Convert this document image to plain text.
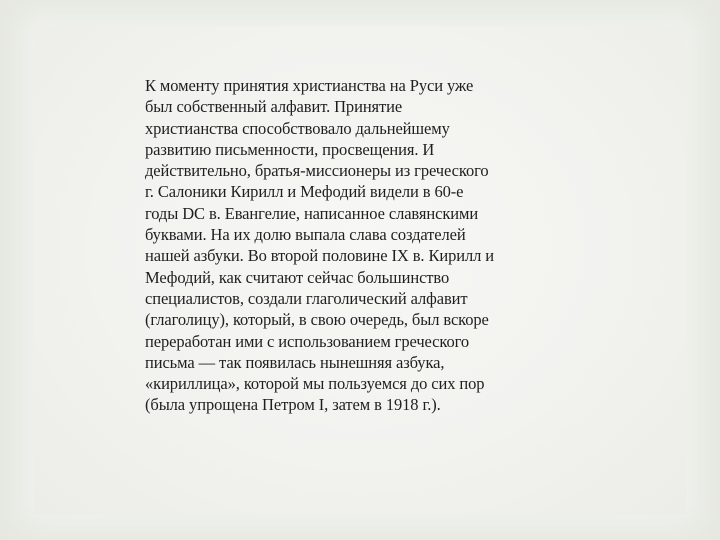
К моменту принятия христианства на Руси уже
был собственный алфавит. Принятие
христианства способствовало дальнейшему
развитию письменности, просвещения. И
действительно, братья-миссионеры из греческого
г. Салоники Кирилл и Мефодий видели в 60-е
годы DC в. Евангелие, написанное славянскими
буквами. На их долю выпала слава создателей
нашей азбуки. Во второй половине IX в. Кирилл и
Мефодий, как считают сейчас большинство
специалистов, создали глаголический алфавит
(глаголицу), который, в свою очередь, был вскоре
переработан ими с использованием греческого
письма — так появилась нынешняя азбука,
«кириллица», которой мы пользуемся до сих пор
(была упрощена Петром I, затем в 1918 г.).
